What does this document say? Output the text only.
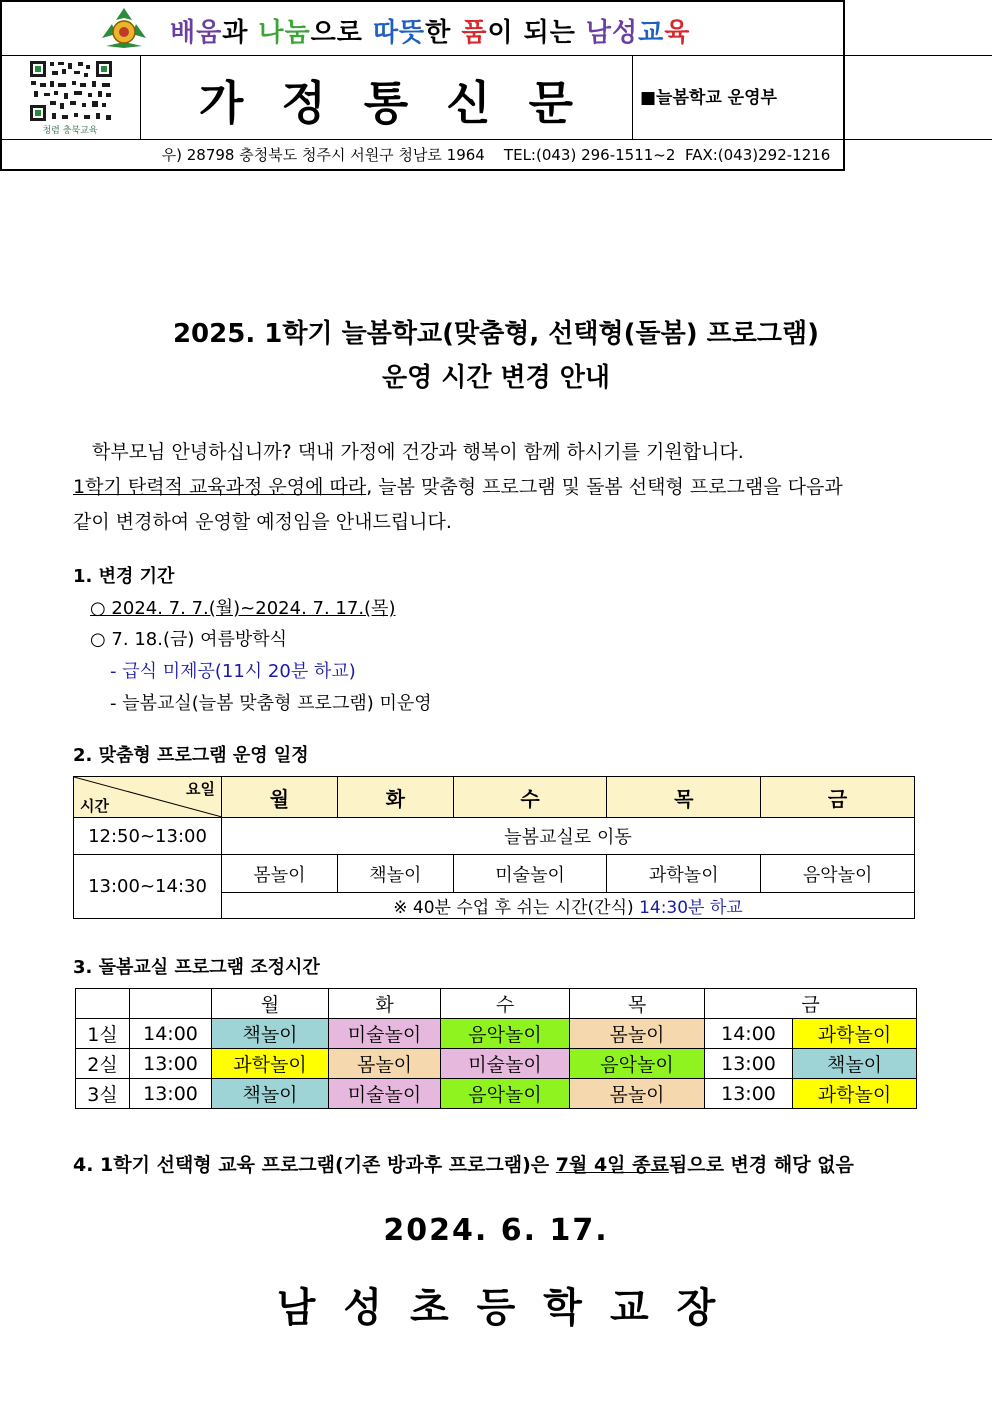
배움과 나눔으로 따뜻한 품이 되는 남성교육
청렴 충북교육
가정통신문	■늘봄학교 운영부
우) 28798 충청북도 청주시 서원구 청남로 1964    TEL:(043) 296-1511~2  FAX:(043)292-1216
2025. 1학기 늘봄학교(맞춤형, 선택형(돌봄) 프로그램)
운영 시간 변경 안내
학부모님 안녕하십니까? 댁내 가정에 건강과 행복이 함께 하시기를 기원합니다.
1학기 탄력적 교육과정 운영에 따라, 늘봄 맞춤형 프로그램 및 돌봄 선택형 프로그램을 다음과
같이 변경하여 운영할 예정임을 안내드립니다.
1. 변경 기간
○ 2024. 7. 7.(월)~2024. 7. 17.(목)
○ 7. 18.(금) 여름방학식
- 급식 미제공(11시 20분 하교)
- 늘봄교실(늘봄 맞춤형 프로그램) 미운영
2. 맞춤형 프로그램 운영 일정
요일
시간	월	화	수	목	금
12:50~13:00	늘봄교실로 이동				
13:00~14:30	몸놀이	책놀이	미술놀이	과학놀이	음악놀이
	※ 40분 수업 후 쉬는 시간(간식) 14:30분 하교				
3. 돌봄교실 프로그램 조정시간
		월	화	수	목	금	
1실	14:00	책놀이	미술놀이	음악놀이	몸놀이	14:00	과학놀이
2실	13:00	과학놀이	몸놀이	미술놀이	음악놀이	13:00	책놀이
3실	13:00	책놀이	미술놀이	음악놀이	몸놀이	13:00	과학놀이
4. 1학기 선택형 교육 프로그램(기존 방과후 프로그램)은 7월 4일 종료됨으로 변경 해당 없음
2024. 6. 17.
남성초등학교장
